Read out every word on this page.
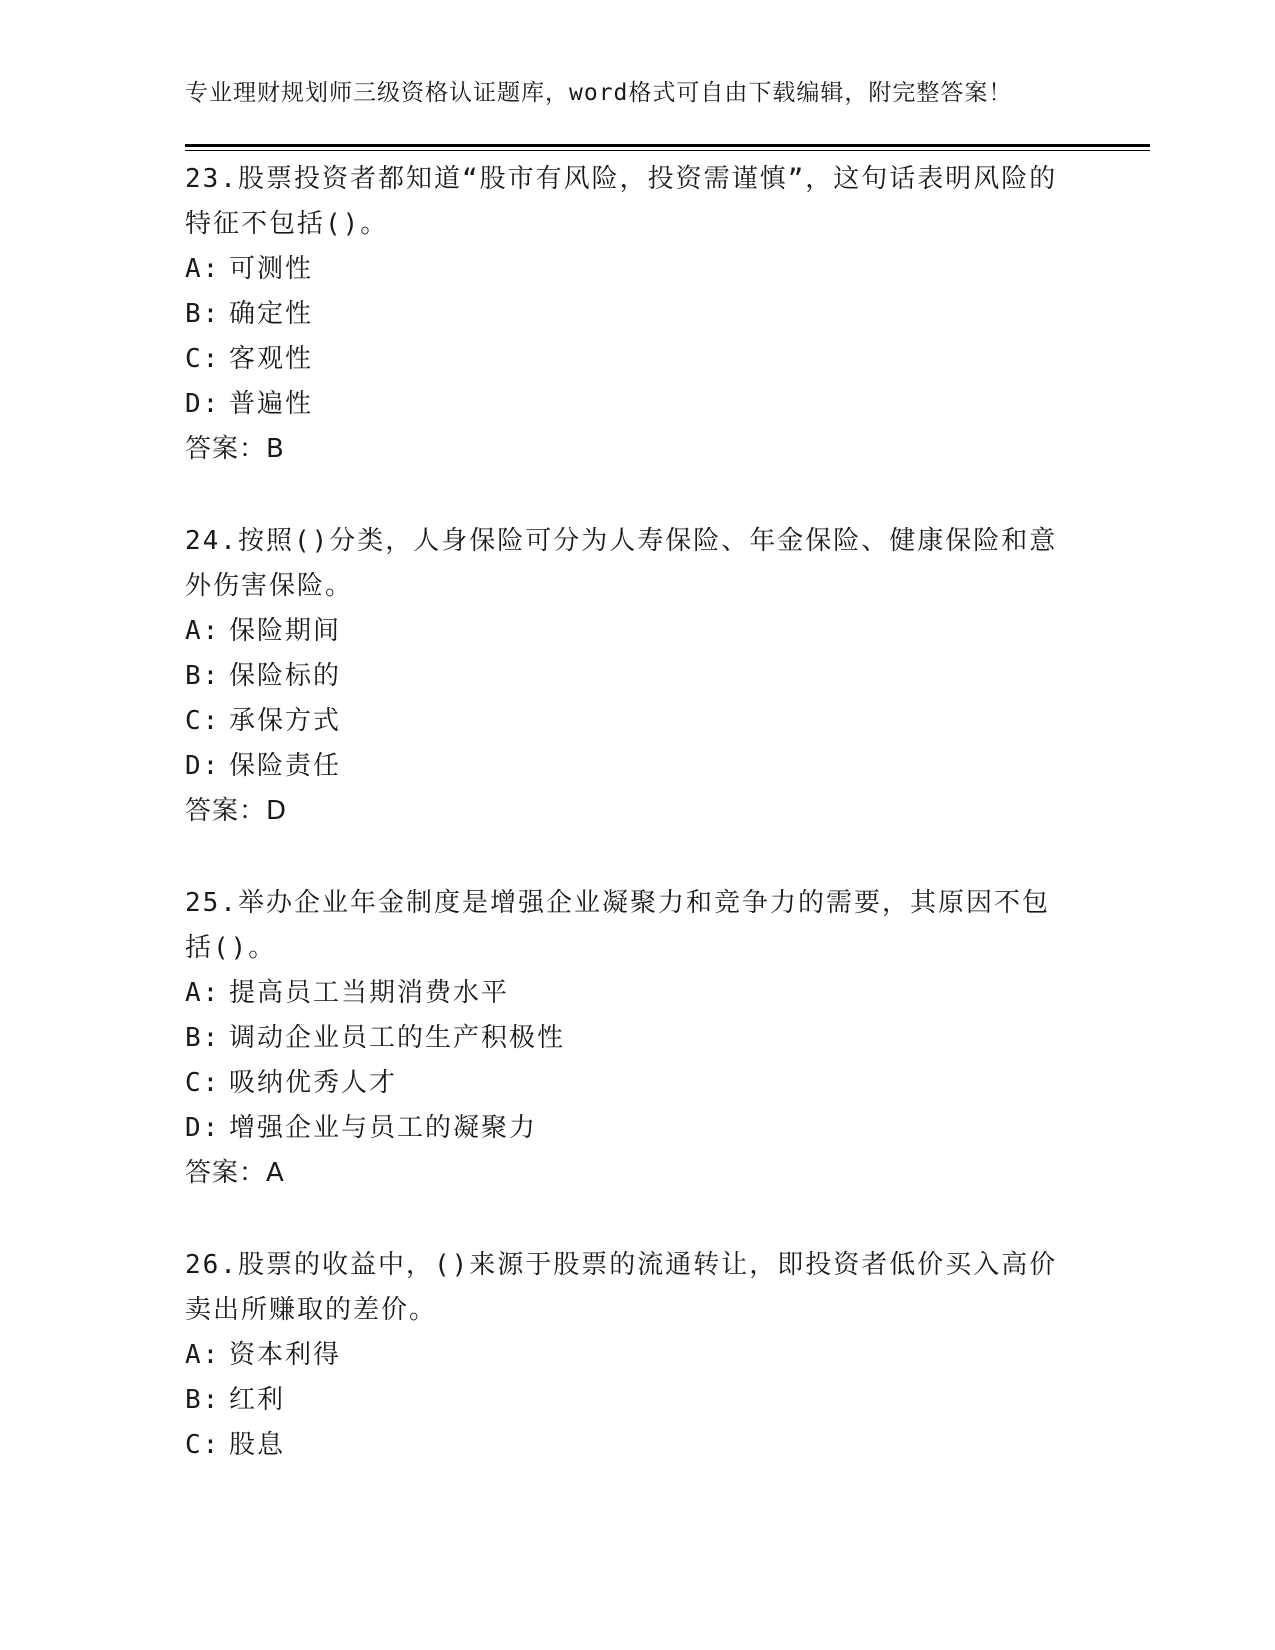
专业理财规划师三级资格认证题库，word格式可自由下载编辑，附完整答案！

23.股票投资者都知道“股市有风险，投资需谨慎”，这句话表明风险的特征不包括()。

A: 可测性

B: 确定性

C: 客观性

D: 普遍性

答案：B

24.按照()分类，人身保险可分为人寿保险、年金保险、健康保险和意外伤害保险。

A: 保险期间

B: 保险标的

C: 承保方式

D: 保险责任

答案：D

25.举办企业年金制度是增强企业凝聚力和竞争力的需要，其原因不包括()。

A: 提高员工当期消费水平

B: 调动企业员工的生产积极性

C: 吸纳优秀人才

D: 增强企业与员工的凝聚力

答案：A

26.股票的收益中，()来源于股票的流通转让，即投资者低价买入高价卖出所赚取的差价。

A: 资本利得

B: 红利

C: 股息
